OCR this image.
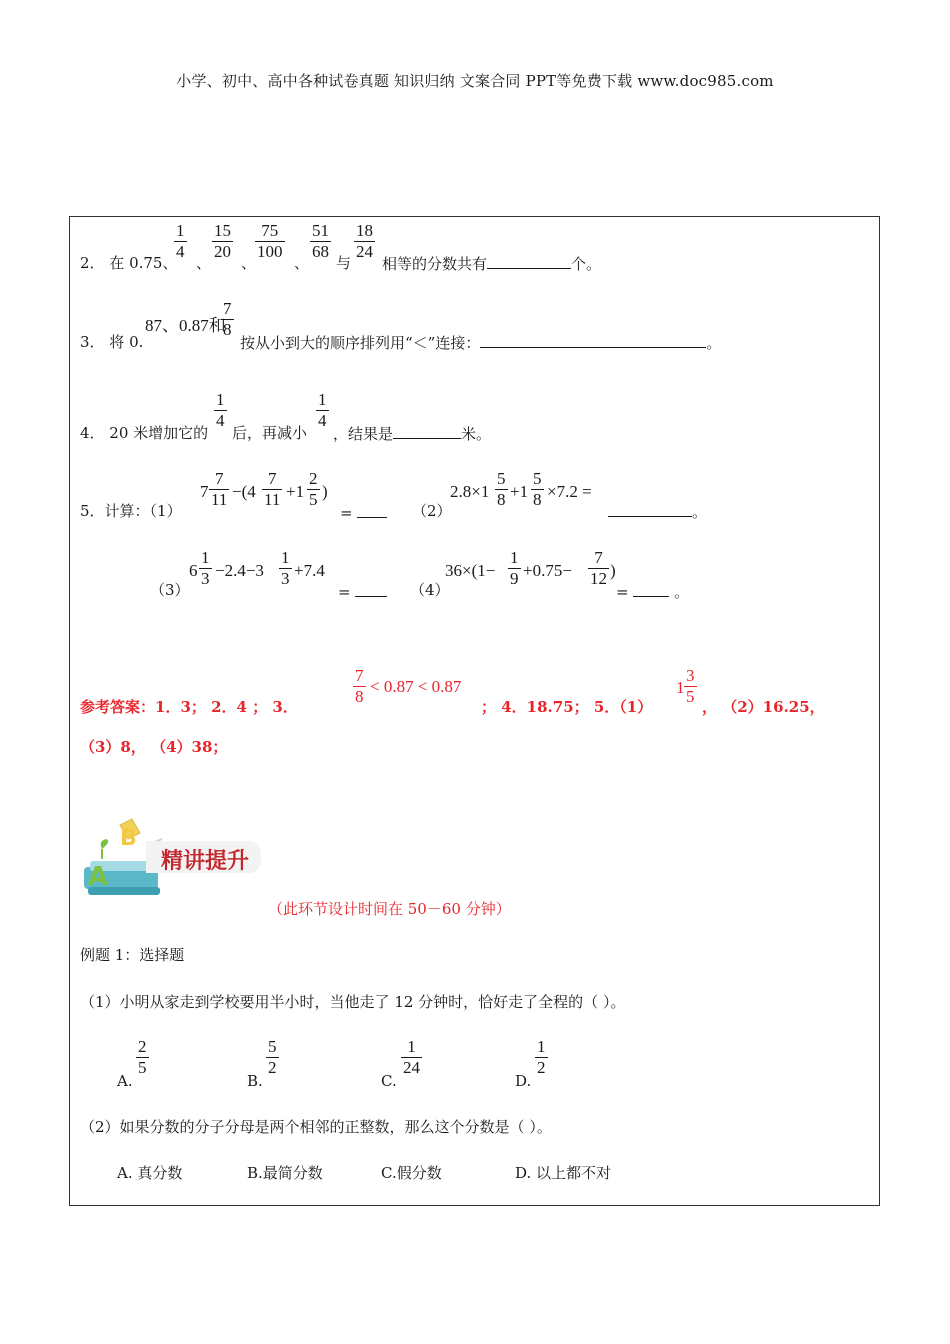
小学、初中、高中各种试卷真题 知识归纳 文案合同 PPT等免费下载 www.doc985.com
1
4
15
20
75
100
51
68
18
24
2． 在 0.75、 、 、	、 与 相等的分数共有	个。
87、0.87和
7
8
3． 将 0.	按从小到大的顺序排列用“＜”连接：	。
1
4
1
4
4． 20 米增加它的 后，再减小 ，结果是	米。
5．计算：（1）
7
7
11 −(4
7
11 +1
2
5 )
=	（2）
2.8×1
5
8 +1
5
8 ×7.2 =
。
（3）
6
1
3 −2.4−3
1
3 +7.4
=	（4）
36×(1−
1
9 +0.75−
7
12 )
=	。
参考答案：1．3； 2．4 ； 3．
7
8
< 0.87 < 0.87
； 4．18.75； 5．（1）
1
3
5
， （2）16.25，
（3）8， （4）38；
B
A
精讲提升
（此环节设计时间在 50－60 分钟）
例题 1：选择题
（1）小明从家走到学校要用半小时，当他走了 12 分钟时，恰好走了全程的（ ）。
A.
2
5
B.
5
2
C.
1
24
D.
1
2
（2）如果分数的分子分母是两个相邻的正整数，那么这个分数是（ ）。
A. 真分数	B.最简分数	C.假分数	D. 以上都不对
